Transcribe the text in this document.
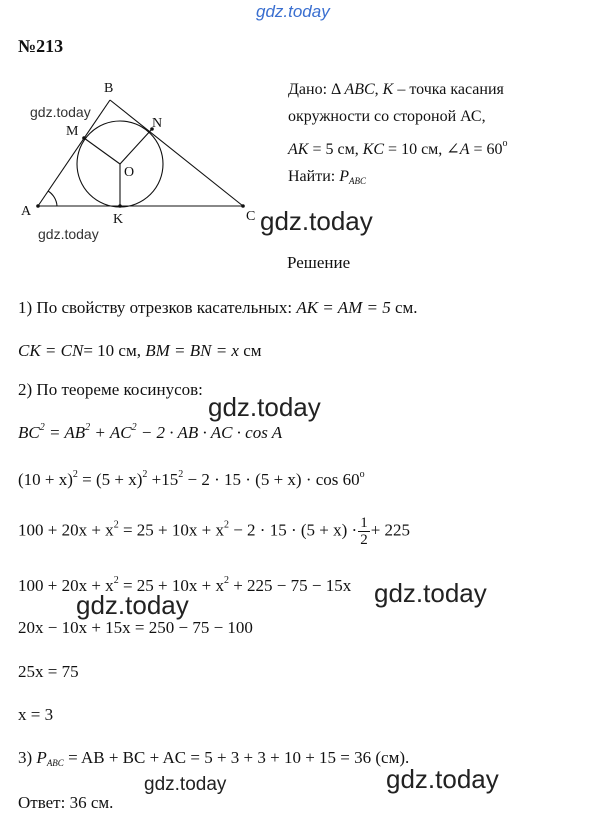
gdz.today
gdz.today
gdz.today	gdz.today
gdz.today
gdz.today
gdz.today
gdz.today	gdz.today
№213
B
A	C
M
N
O
K
Дано: Δ ABC, K – точка касания
окружности со стороной АС,
AK = 5 см, KC = 10 см, ∠A = $60^o$
Найти: $P_{ABC}$
Решение
1) По свойству отрезков касательных: AK = AM = 5 см.
CK = CN= 10 см, BM = BN = x см
2) По теореме косинусов:
$BC^2 = AB^2 + AC^2 - 2$ · AB · AC · cos A
$(10 + x)^2 = (5 + x)^2 +15^2 - 2 \cdot 15 \cdot (5 + x) \cdot \cos 60^o$
$100 + 20x + x^2 = 25 + 10x + x^2 - 2 \cdot 15 \cdot (5 + x) \cdot \frac{1}{2} + 225$
$100 + 20x + x^2 = 25 + 10x + x^2 + 225 - 75 - 15x$
20x − 10x + 15x = 250 − 75 − 100
25x = 75
x = 3
3) $P_{ABC}$ = AB + BC + AC = 5 + 3 + 3 + 10 + 15 = 36 (см).
Ответ: 36 см.
